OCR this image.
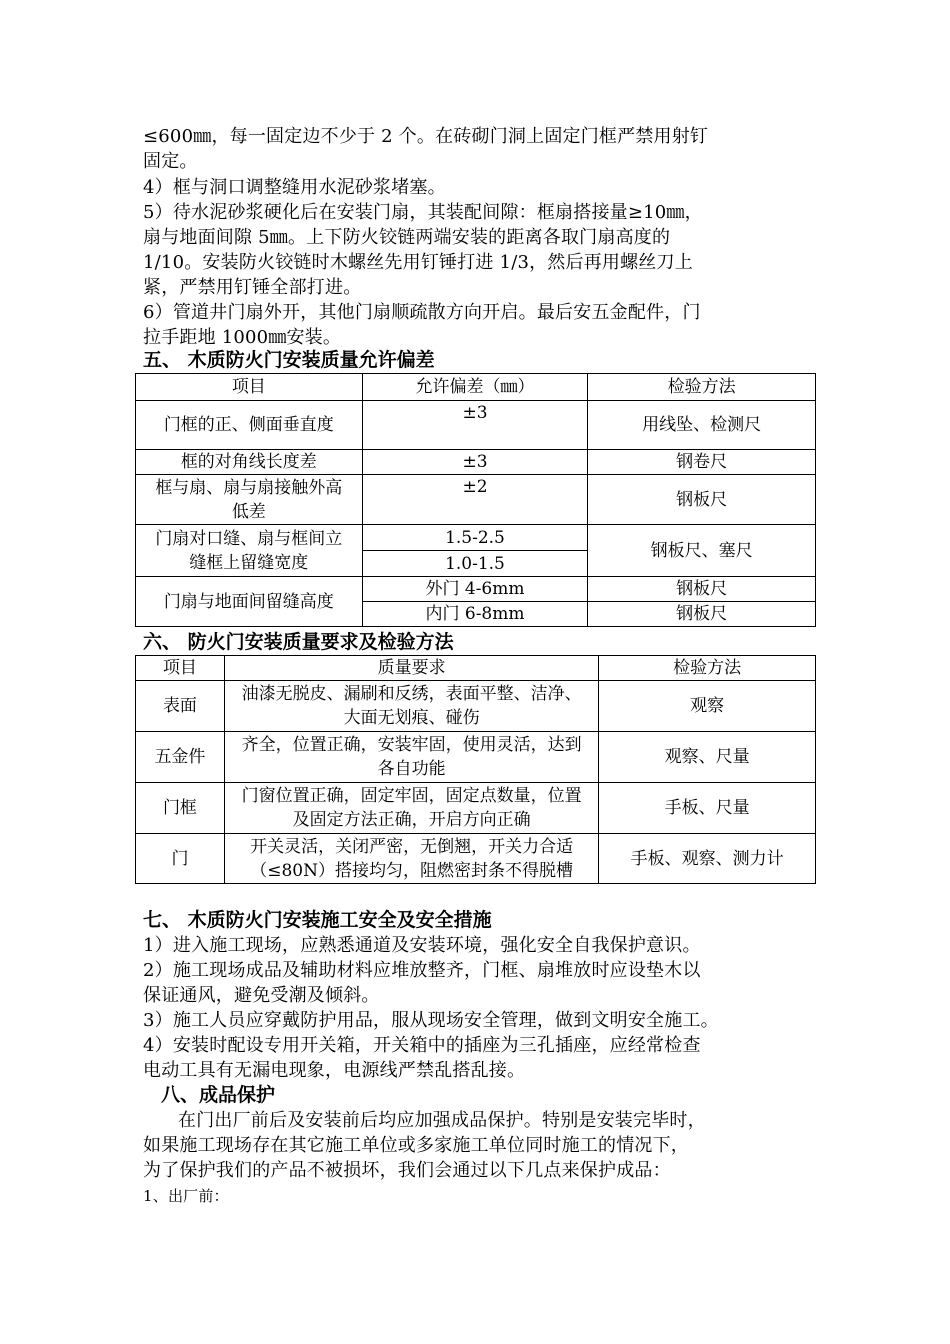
≤600㎜，每一固定边不少于 2 个。在砖砌门洞上固定门框严禁用射钉
固定。
4）框与洞口调整缝用水泥砂浆堵塞。
5）待水泥砂浆硬化后在安装门扇，其装配间隙：框扇搭接量≥10㎜，
扇与地面间隙 5㎜。上下防火铰链两端安装的距离各取门扇高度的
1/10。安装防火铰链时木螺丝先用钉锤打进 1/3，然后再用螺丝刀上
紧，严禁用钉锤全部打进。
6）管道井门扇外开，其他门扇顺疏散方向开启。最后安五金配件，门
拉手距地 1000㎜安装。
五、 木质防火门安装质量允许偏差
项目	允许偏差（㎜）	检验方法
门框的正、侧面垂直度	±3	用线坠、检测尺
框的对角线长度差	±3	钢卷尺
框与扇、扇与扇接触外高
低差	±2	钢板尺
门扇对口缝、扇与框间立
缝框上留缝宽度	1.5-2.5	钢板尺、塞尺
	1.0-1.5	
门扇与地面间留缝高度	外门 4-6mm	钢板尺
	内门 6-8mm	钢板尺
六、 防火门安装质量要求及检验方法
项目	质量要求	检验方法
表面	油漆无脱皮、漏刷和反绣，表面平整、洁净、
大面无划痕、碰伤	观察
五金件	齐全，位置正确，安装牢固，使用灵活，达到
各自功能	观察、尺量
门框	门窗位置正确，固定牢固，固定点数量，位置
及固定方法正确，开启方向正确	手板、尺量
门	开关灵活，关闭严密，无倒翘，开关力合适
（≤80N）搭接均匀，阻燃密封条不得脱槽	手板、观察、测力计
七、 木质防火门安装施工安全及安全措施
1）进入施工现场，应熟悉通道及安装环境，强化安全自我保护意识。
2）施工现场成品及辅助材料应堆放整齐，门框、扇堆放时应设垫木以
保证通风，避免受潮及倾斜。
3）施工人员应穿戴防护用品，服从现场安全管理，做到文明安全施工。
4）安装时配设专用开关箱，开关箱中的插座为三孔插座，应经常检查
电动工具有无漏电现象，电源线严禁乱搭乱接。
八、成品保护
在门出厂前后及安装前后均应加强成品保护。特别是安装完毕时，
如果施工现场存在其它施工单位或多家施工单位同时施工的情况下，
为了保护我们的产品不被损坏，我们会通过以下几点来保护成品：
1、出厂前：
